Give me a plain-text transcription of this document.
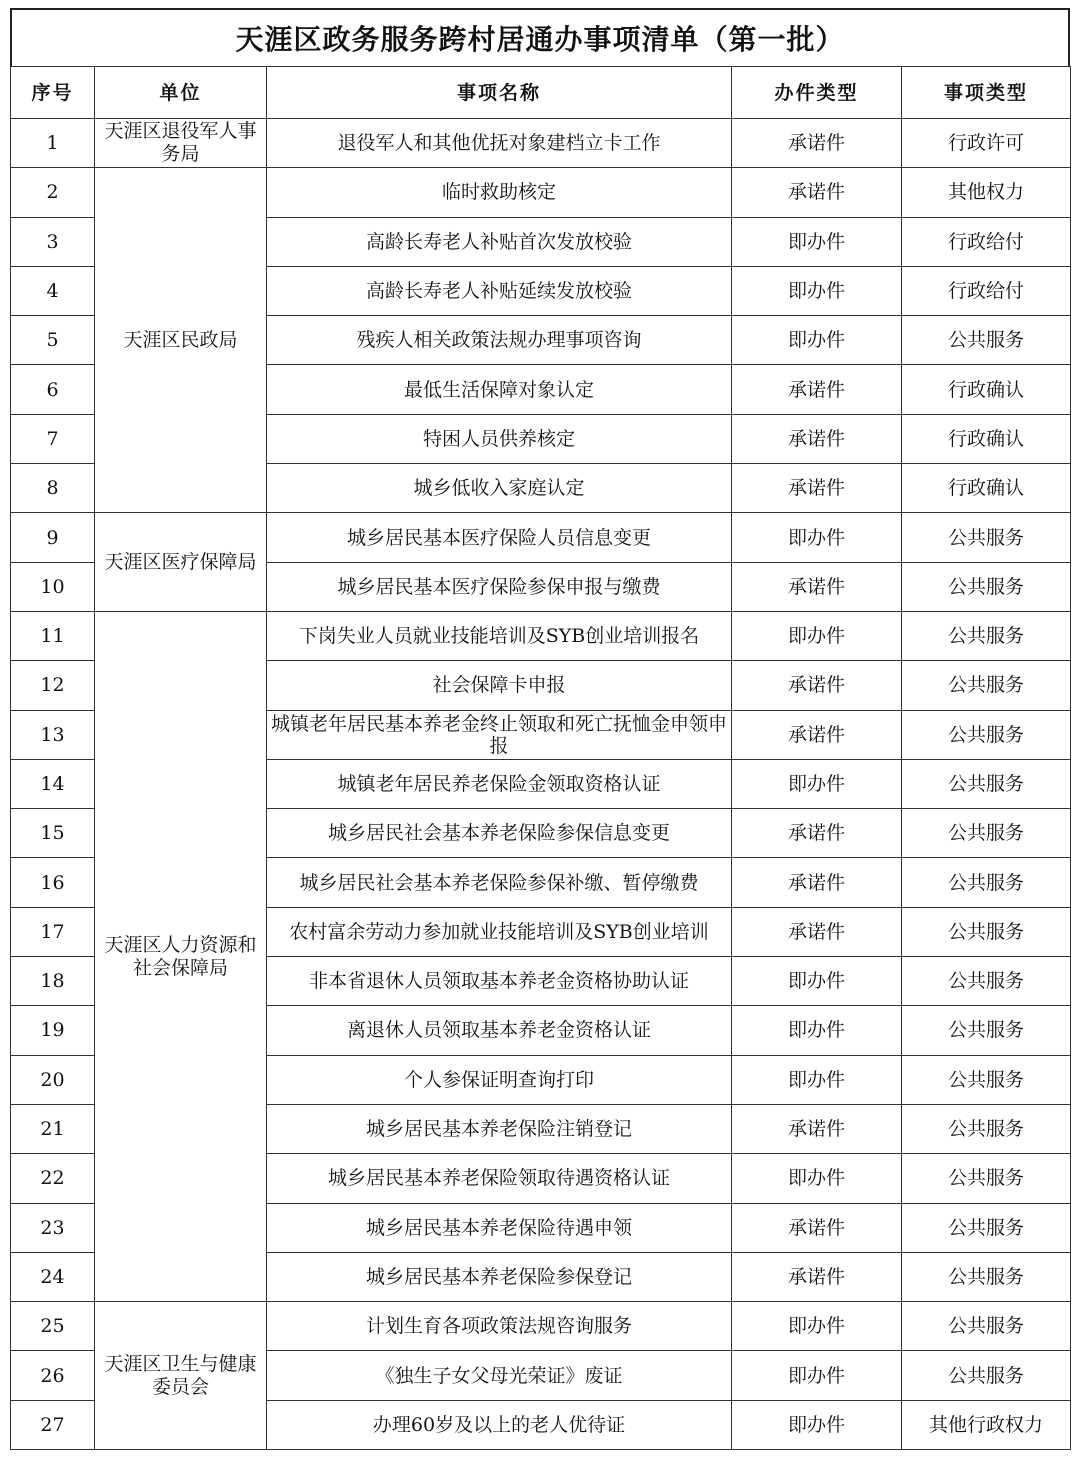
天涯区政务服务跨村居通办事项清单（第一批）
序号	单位	事项名称	办件类型	事项类型
1	天涯区退役军人事务局	退役军人和其他优抚对象建档立卡工作	承诺件	行政许可
2	天涯区民政局	临时救助核定	承诺件	其他权力
3		高龄长寿老人补贴首次发放校验	即办件	行政给付
4		高龄长寿老人补贴延续发放校验	即办件	行政给付
5		残疾人相关政策法规办理事项咨询	即办件	公共服务
6		最低生活保障对象认定	承诺件	行政确认
7		特困人员供养核定	承诺件	行政确认
8		城乡低收入家庭认定	承诺件	行政确认
9	天涯区医疗保障局	城乡居民基本医疗保险人员信息变更	即办件	公共服务
10		城乡居民基本医疗保险参保申报与缴费	承诺件	公共服务
11	天涯区人力资源和社会保障局	下岗失业人员就业技能培训及SYB创业培训报名	即办件	公共服务
12		社会保障卡申报	承诺件	公共服务
13		城镇老年居民基本养老金终止领取和死亡抚恤金申领申报	承诺件	公共服务
14		城镇老年居民养老保险金领取资格认证	即办件	公共服务
15		城乡居民社会基本养老保险参保信息变更	承诺件	公共服务
16		城乡居民社会基本养老保险参保补缴、暂停缴费	承诺件	公共服务
17		农村富余劳动力参加就业技能培训及SYB创业培训	承诺件	公共服务
18		非本省退休人员领取基本养老金资格协助认证	即办件	公共服务
19		离退休人员领取基本养老金资格认证	即办件	公共服务
20		个人参保证明查询打印	即办件	公共服务
21		城乡居民基本养老保险注销登记	承诺件	公共服务
22		城乡居民基本养老保险领取待遇资格认证	即办件	公共服务
23		城乡居民基本养老保险待遇申领	承诺件	公共服务
24		城乡居民基本养老保险参保登记	承诺件	公共服务
25	天涯区卫生与健康委员会	计划生育各项政策法规咨询服务	即办件	公共服务
26		《独生子女父母光荣证》废证	即办件	公共服务
27		办理60岁及以上的老人优待证	即办件	其他行政权力
